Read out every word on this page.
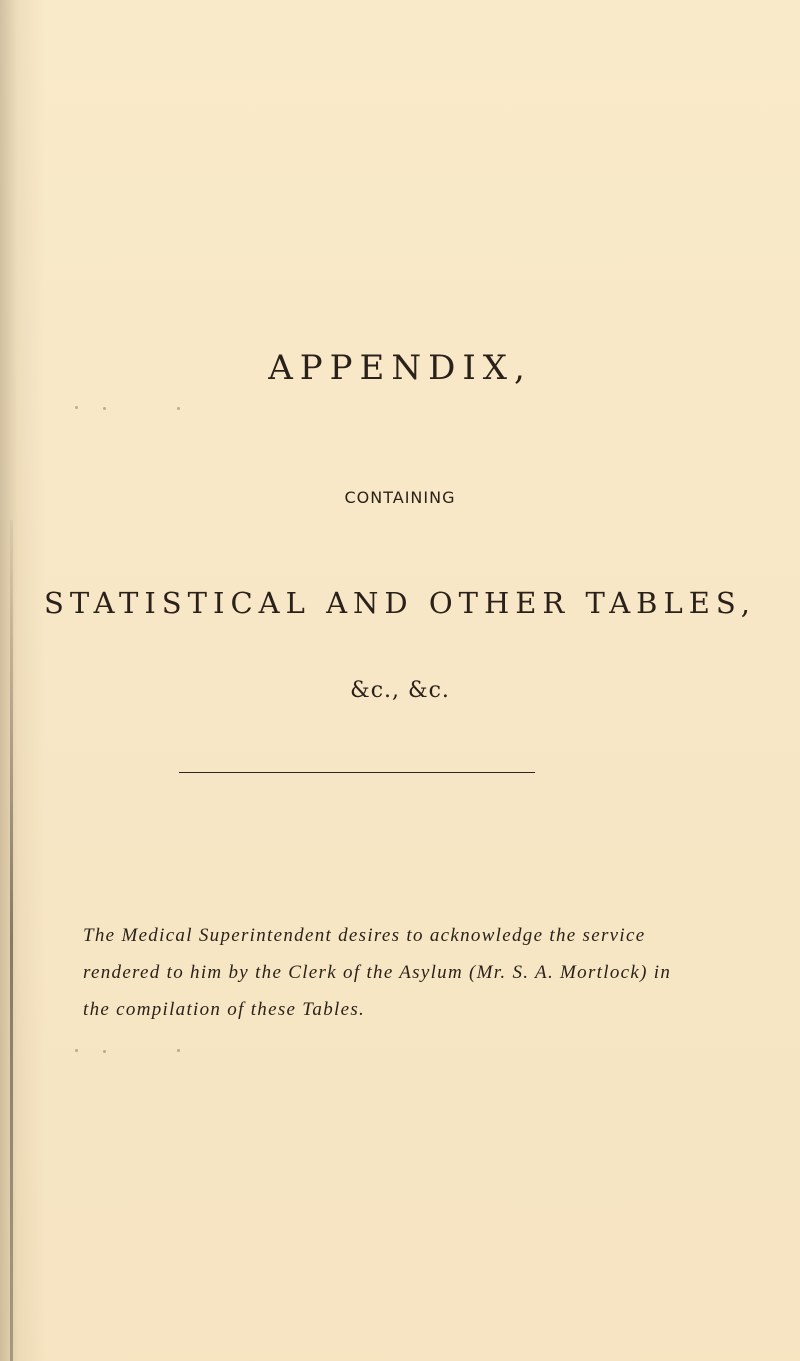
APPENDIX,
CONTAINING
STATISTICAL AND OTHER TABLES,
&c., &c.

The Medical Superintendent desires to acknowledge the service rendered to him by the Clerk of the Asylum (Mr. S. A. Mortlock) in the compilation of these Tables.
